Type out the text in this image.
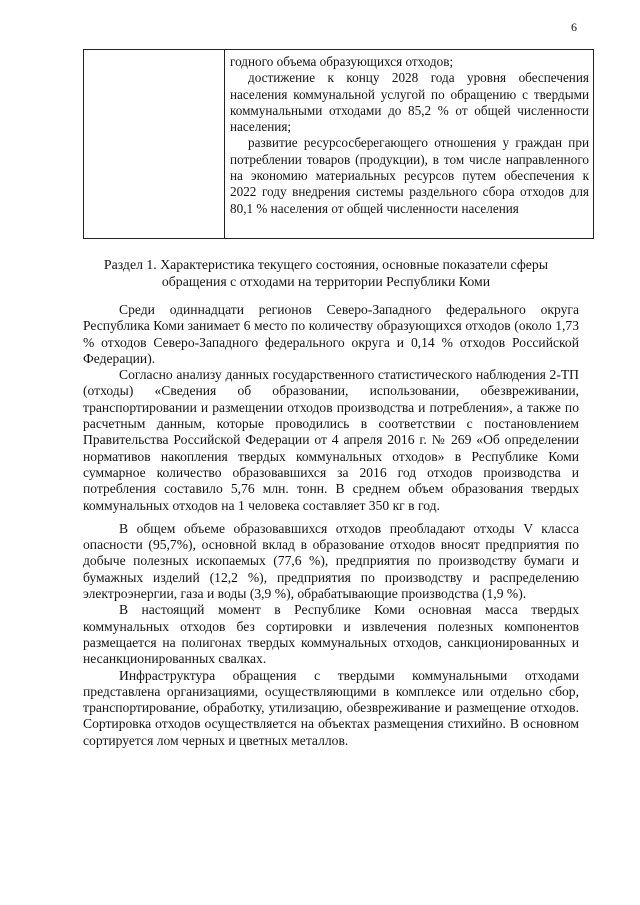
6

годного объема образующихся отходов;

достижение к концу 2028 года уровня обеспечения населения коммунальной услугой по обращению с твердыми коммунальными отходами до 85,2 % от общей численности населения;

развитие ресурсосберегающего отношения у граждан при потреблении товаров (продукции), в том числе направленного на экономию материальных ресурсов путем обеспечения к 2022 году внедрения системы раздельного сбора отходов для 80,1 % населения от общей численности населения

Раздел 1. Характеристика текущего состояния, основные показатели сферы обращения с отходами на территории Республики Коми

Среди одиннадцати регионов Северо-Западного федерального округа Республика Коми занимает 6 место по количеству образующихся отходов (около 1,73 % отходов Северо-Западного федерального округа и 0,14 % отходов Российской Федерации).

Согласно анализу данных государственного статистического наблюдения 2-ТП (отходы) «Сведения об образовании, использовании, обезвреживании, транспортировании и размещении отходов производства и потребления», а также по расчетным данным, которые проводились в соответствии с постановлением Правительства Российской Федерации от 4 апреля 2016 г. № 269 «Об определении нормативов накопления твердых коммунальных отходов» в Республике Коми суммарное количество образовавшихся за 2016 год отходов производства и потребления составило 5,76 млн. тонн. В среднем объем образования твердых коммунальных отходов на 1 человека составляет 350 кг в год.

В общем объеме образовавшихся отходов преобладают отходы V класса опасности (95,7%), основной вклад в образование отходов вносят предприятия по добыче полезных ископаемых (77,6 %), предприятия по производству бумаги и бумажных изделий (12,2 %), предприятия по производству и распределению электроэнергии, газа и воды (3,9 %), обрабатывающие производства (1,9 %).

В настоящий момент в Республике Коми основная масса твердых коммунальных отходов без сортировки и извлечения полезных компонентов размещается на полигонах твердых коммунальных отходов, санкционированных и несанкционированных свалках.

Инфраструктура обращения с твердыми коммунальными отходами представлена организациями, осуществляющими в комплексе или отдельно сбор, транспортирование, обработку, утилизацию, обезвреживание и размещение отходов. Сортировка отходов осуществляется на объектах размещения стихийно. В основном сортируется лом черных и цветных металлов.
